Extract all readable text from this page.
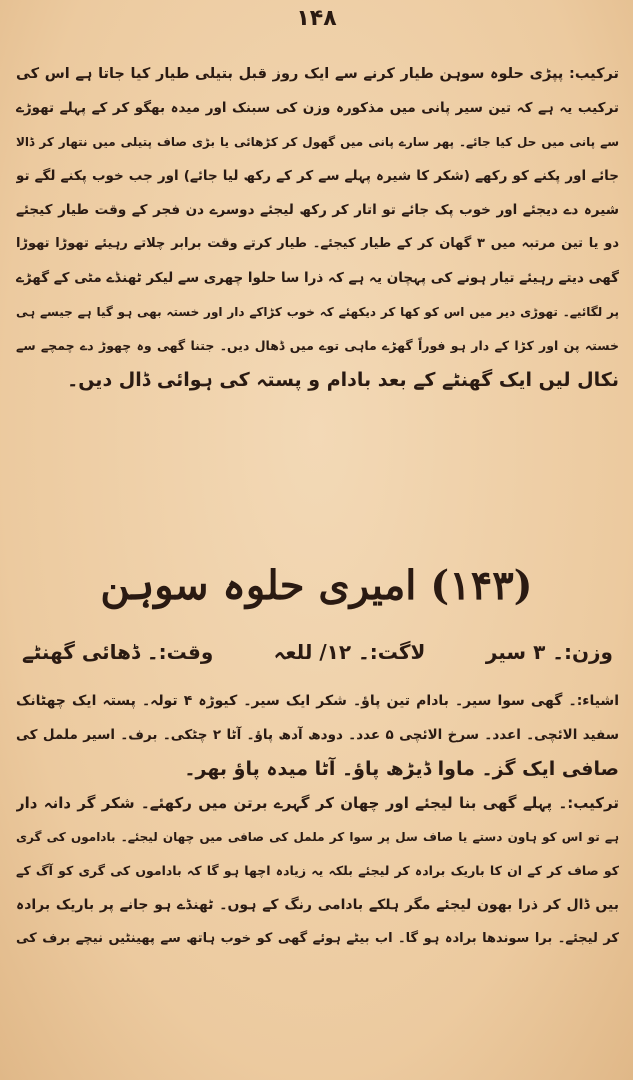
۱۴۸
ترکیب: پپڑی حلوہ سوہن طیار کرنے سے ایک روز قبل بتیلی طیار کیا جاتا ہے اس کی
ترکیب یہ ہے کہ تین سیر پانی میں مذکورہ وزن کی سبنک اور میدہ بھگو کر کے پہلے تھوڑے
سے پانی میں حل کیا جائے۔ پھر سارے پانی میں گھول کر کڑھائی یا بڑی صاف پتیلی میں نتھار کر ڈالا
جائے اور پکنے کو رکھے (شکر کا شیرہ پہلے سے کر کے رکھ لیا جائے) اور جب خوب پکنے لگے تو
شیرہ دے دیجئے اور خوب پک جائے تو اتار کر رکھ لیجئے دوسرے دن فجر کے وقت طیار کیجئے
دو یا تین مرتبہ میں ۳ گھان کر کے طیار کیجئے۔ طیار کرتے وقت برابر چلاتے رہیئے تھوڑا تھوڑا
گھی دیتے رہیئے تیار ہونے کی پہچان یہ ہے کہ ذرا سا حلوا چھری سے لیکر ٹھنڈے مٹی کے گھڑے
پر لگائیے۔ تھوڑی دیر میں اس کو کھا کر دیکھئے کہ خوب کڑاکے دار اور خستہ بھی ہو گیا ہے جیسے ہی
خستہ پن اور کڑا کے دار ہو فوراً گھڑے ماہی توے میں ڈھال دیں۔ جتنا گھی وہ چھوڑ دے چمچے سے
نکال لیں ایک گھنٹے کے بعد بادام و پستہ کی ہوائی ڈال دیں۔
(۱۴۳) امیری حلوہ سوہن
وزن:۔ ۳ سیر
لاگت:۔ ۱۲/ للعہ
وقت:۔ ڈھائی گھنٹے
اشیاء:۔ گھی سوا سیر۔ بادام تین پاؤ۔ شکر ایک سیر۔ کیوڑہ ۴ تولہ۔ پستہ ایک چھٹانک
سفید الائچی۔ اعدد۔ سرخ الائچی ۵ عدد۔ دودھ آدھ پاؤ۔ آٹا ۲ چٹکی۔ برف۔ اسیر ململ کی
صافی ایک گز۔ ماوا ڈیڑھ پاؤ۔ آٹا میدہ پاؤ بھر۔
ترکیب:۔ پہلے گھی بنا لیجئے اور چھان کر گہرے برتن میں رکھئے۔ شکر گر دانہ دار
ہے تو اس کو ہاون دستے یا صاف سل پر سوا کر ململ کی صافی میں چھان لیجئے۔ باداموں کی گری
کو صاف کر کے ان کا باریک برادہ کر لیجئے بلکہ یہ زیادہ اچھا ہو گا کہ باداموں کی گری کو آگ کے
بیں ڈال کر ذرا بھون لیجئے مگر ہلکے بادامی رنگ کے ہوں۔ ٹھنڈے ہو جانے پر باریک برادہ
کر لیجئے۔ برا سوندھا برادہ ہو گا۔ اب بیٹے ہوئے گھی کو خوب ہاتھ سے پھینٹیں نیچے برف کی
